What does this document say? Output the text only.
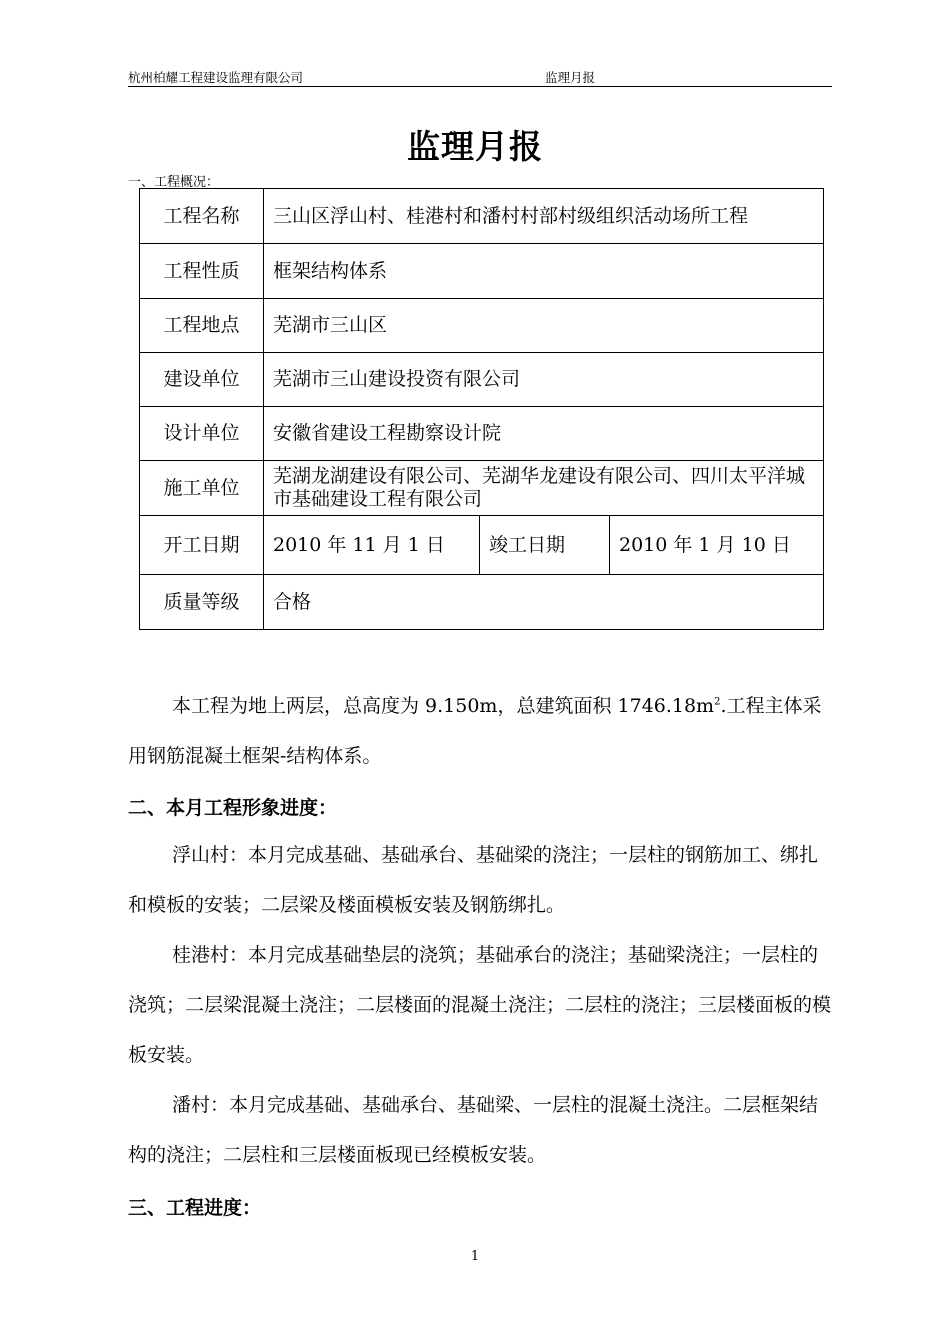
杭州柏耀工程建设监理有限公司	监理月报
监理月报
一、工程概况：
工程名称	三山区浮山村、桂港村和潘村村部村级组织活动场所工程		
工程性质	框架结构体系		
工程地点	芜湖市三山区		
建设单位	芜湖市三山建设投资有限公司		
设计单位	安徽省建设工程勘察设计院		
施工单位	芜湖龙湖建设有限公司、芜湖华龙建设有限公司、四川太平洋城市基础建设工程有限公司		
开工日期	2010 年 11 月 1 日	竣工日期	2010 年 1 月 10 日
质量等级	合格		
本工程为地上两层，总高度为 9.150m，总建筑面积 $1746.18m^2$.工程主体采用钢筋混凝土框架-结构体系。
二、本月工程形象进度：
浮山村：本月完成基础、基础承台、基础梁的浇注；一层柱的钢筋加工、绑扎和模板的安装；二层梁及楼面模板安装及钢筋绑扎。
桂港村：本月完成基础垫层的浇筑；基础承台的浇注；基础梁浇注；一层柱的浇筑；二层梁混凝土浇注；二层楼面的混凝土浇注；二层柱的浇注；三层楼面板的模板安装。
潘村：本月完成基础、基础承台、基础梁、一层柱的混凝土浇注。二层框架结构的浇注；二层柱和三层楼面板现已经模板安装。
三、工程进度：
1
